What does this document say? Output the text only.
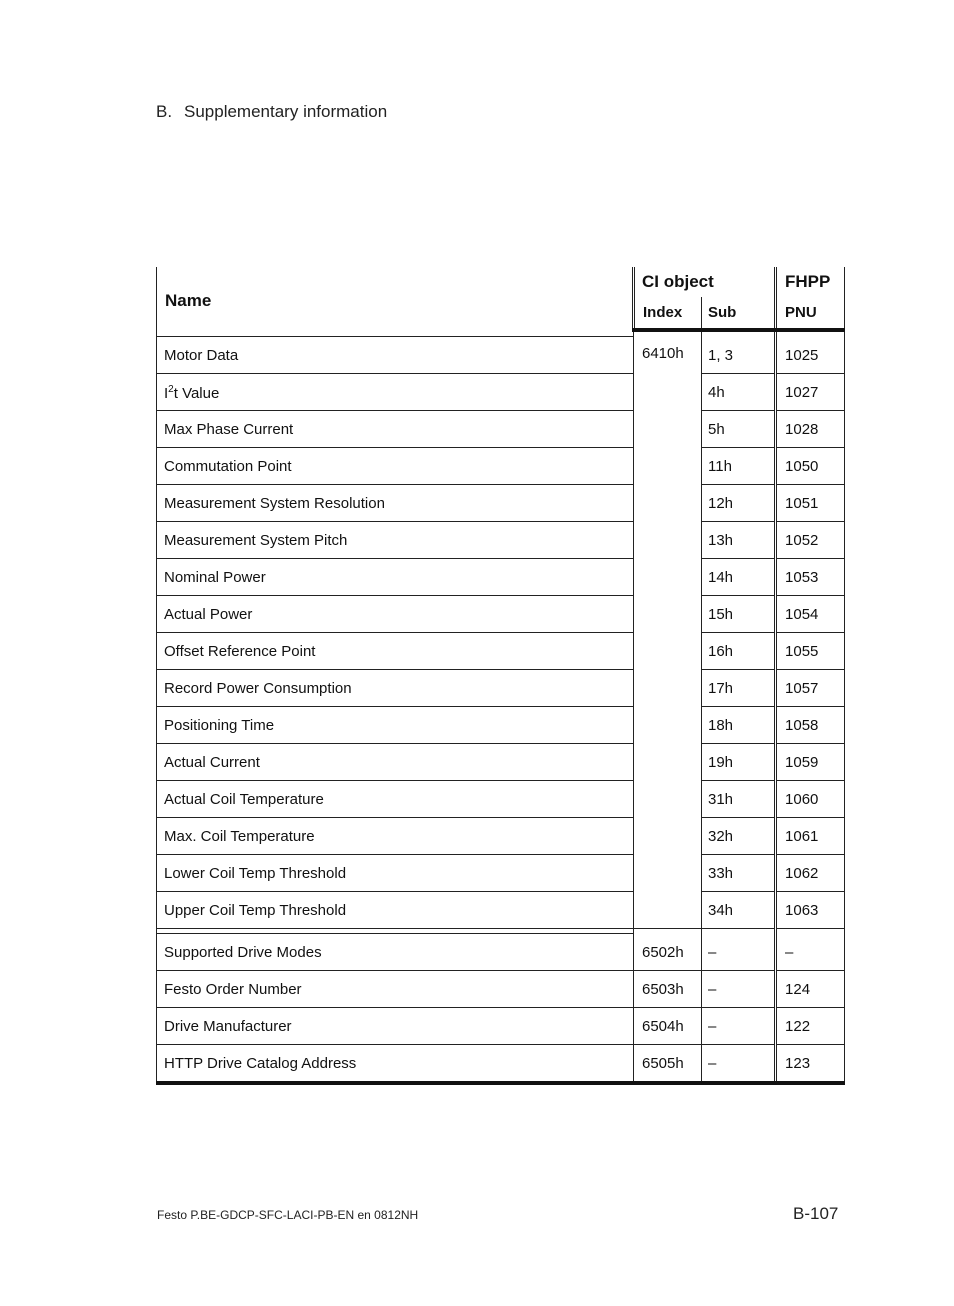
B. Supplementary information
Name	CI object		FHPP
	Index	Sub	PNU

Motor Data	6410h	1, 3	1025
$I^2t$ Value		4h	1027
Max Phase Current		5h	1028
Commutation Point		11h	1050
Measurement System Resolution		12h	1051
Measurement System Pitch		13h	1052
Nominal Power		14h	1053
Actual Power		15h	1054
Offset Reference Point		16h	1055
Record Power Consumption		17h	1057
Positioning Time		18h	1058
Actual Current		19h	1059
Actual Coil Temperature		31h	1060
Max. Coil Temperature		32h	1061
Lower Coil Temp Threshold		33h	1062
Upper Coil Temp Threshold		34h	1063

Supported Drive Modes	6502h	–	–
Festo Order Number	6503h	–	124
Drive Manufacturer	6504h	–	122
HTTP Drive Catalog Address	6505h	–	123
Festo P.BE-GDCP-SFC-LACI-PB-EN en 0812NH	B-107
